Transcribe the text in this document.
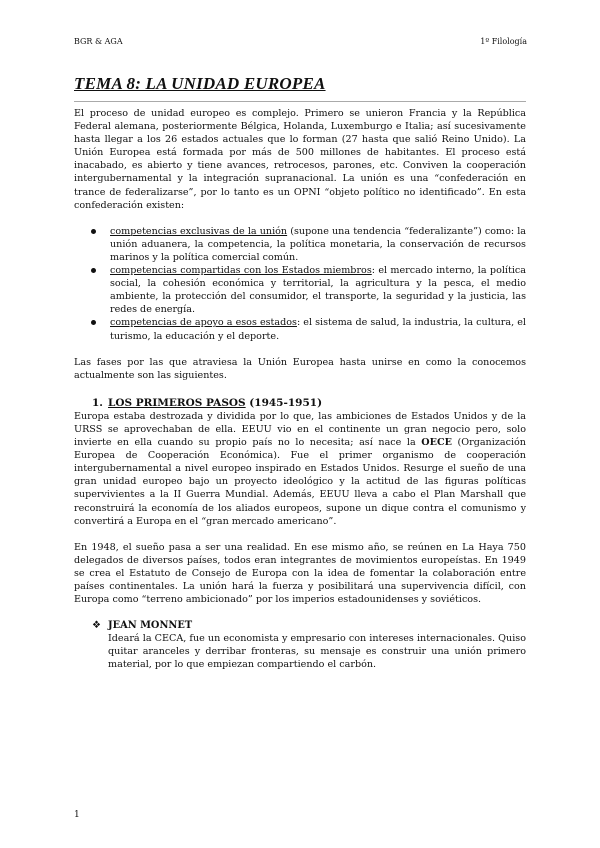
BGR & AGA	1º Filología
TEMA 8: LA UNIDAD EUROPEA

El proceso de unidad europeo es complejo. Primero se unieron Francia y la República Federal alemana, posteriormente Bélgica, Holanda, Luxemburgo e Italia; así sucesivamente hasta llegar a los 26 estados actuales que lo forman (27 hasta que salió Reino Unido). La Unión Europea está formada por más de 500 millones de habitantes. El proceso está inacabado, es abierto y tiene avances, retrocesos, parones, etc. Conviven la cooperación intergubernamental y la integración supranacional. La unión es una “confederación en trance de federalizarse”, por lo tanto es un OPNI “objeto político no identificado”. En esta confederación existen:

competencias exclusivas de la unión (supone una tendencia “federalizante”) como: la unión aduanera, la competencia, la política monetaria, la conservación de recursos marinos y la política comercial común.
competencias compartidas con los Estados miembros: el mercado interno, la política social, la cohesión económica y territorial, la agricultura y la pesca, el medio ambiente, la protección del consumidor, el transporte, la seguridad y la justicia, las redes de energía.
competencias de apoyo a esos estados: el sistema de salud, la industria, la cultura, el turismo, la educación y el deporte.

Las fases por las que atraviesa la Unión Europea hasta unirse en como la conocemos actualmente son las siguientes.

1. LOS PRIMEROS PASOS (1945-1951)

Europa estaba destrozada y dividida por lo que, las ambiciones de Estados Unidos y de la URSS se aprovechaban de ella. EEUU vio en el continente un gran negocio pero, solo invierte en ella cuando su propio país no lo necesita; así nace la OECE (Organización Europea de Cooperación Económica). Fue el primer organismo de cooperación intergubernamental a nivel europeo inspirado en Estados Unidos. Resurge el sueño de una gran unidad europeo bajo un proyecto ideológico y la actitud de las figuras políticas supervivientes a la II Guerra Mundial. Además, EEUU lleva a cabo el Plan Marshall que reconstruirá la economía de los aliados europeos, supone un dique contra el comunismo y convertirá a Europa en el “gran mercado americano”.

En 1948, el sueño pasa a ser una realidad. En ese mismo año, se reúnen en La Haya 750 delegados de diversos países, todos eran integrantes de movimientos europeístas. En 1949 se crea el Estatuto de Consejo de Europa con la idea de fomentar la colaboración entre países continentales. La unión hará la fuerza y posibilitará una supervivencia difícil, con Europa como “terreno ambicionado” por los imperios estadounidenses y soviéticos.

❖ JEAN MONNET

Ideará la CECA, fue un economista y empresario con intereses internacionales. Quiso quitar aranceles y derribar fronteras, su mensaje es construir una unión primero material, por lo que empiezan compartiendo el carbón.

1
